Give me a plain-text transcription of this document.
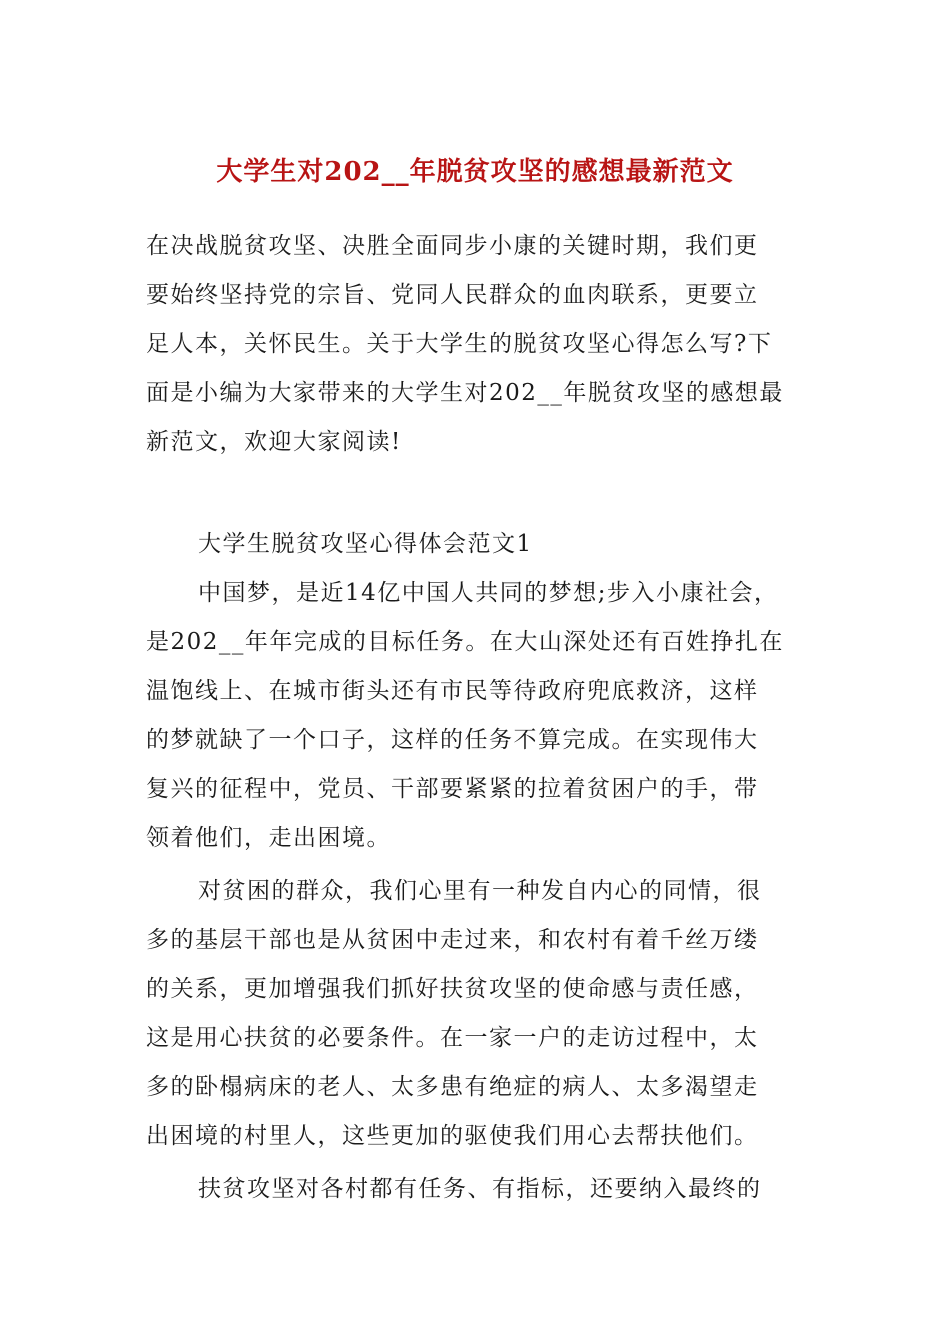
大学生对202__年脱贫攻坚的感想最新范文
在决战脱贫攻坚、决胜全面同步小康的关键时期，我们更
要始终坚持党的宗旨、党同人民群众的血肉联系，更要立
足人本，关怀民生。关于大学生的脱贫攻坚心得怎么写?下
面是小编为大家带来的大学生对202__年脱贫攻坚的感想最
新范文，欢迎大家阅读!
大学生脱贫攻坚心得体会范文1
中国梦，是近14亿中国人共同的梦想;步入小康社会，
是202__年年完成的目标任务。在大山深处还有百姓挣扎在
温饱线上、在城市街头还有市民等待政府兜底救济，这样
的梦就缺了一个口子，这样的任务不算完成。在实现伟大
复兴的征程中，党员、干部要紧紧的拉着贫困户的手，带
领着他们，走出困境。
对贫困的群众，我们心里有一种发自内心的同情，很
多的基层干部也是从贫困中走过来，和农村有着千丝万缕
的关系，更加增强我们抓好扶贫攻坚的使命感与责任感，
这是用心扶贫的必要条件。在一家一户的走访过程中，太
多的卧榻病床的老人、太多患有绝症的病人、太多渴望走
出困境的村里人，这些更加的驱使我们用心去帮扶他们。
扶贫攻坚对各村都有任务、有指标，还要纳入最终的
